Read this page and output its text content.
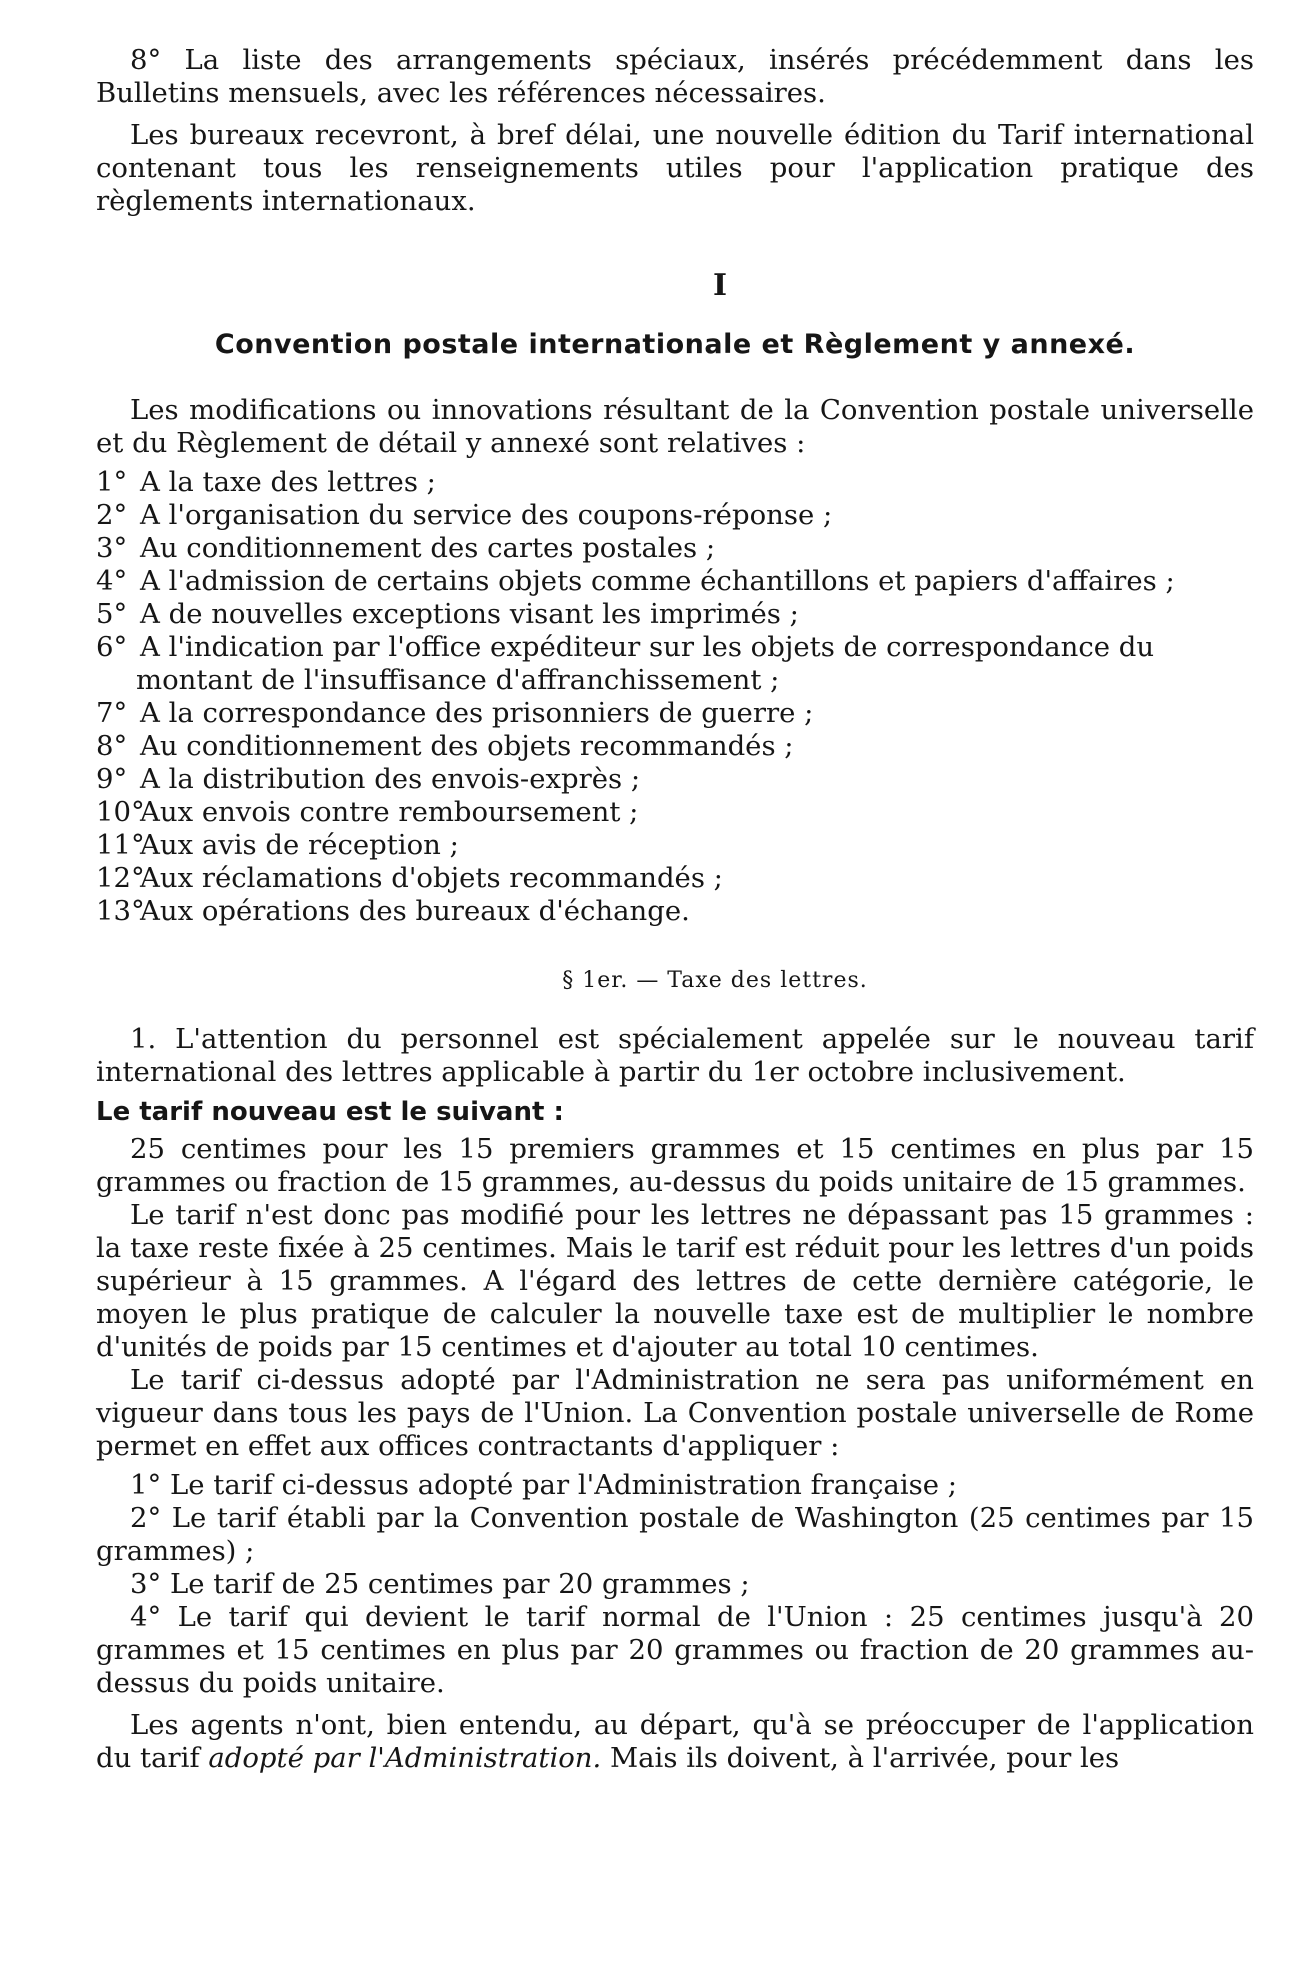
8° La liste des arrangements spéciaux, insérés précédemment dans les Bulletins mensuels, avec les références nécessaires.

Les bureaux recevront, à bref délai, une nouvelle édition du Tarif international contenant tous les renseignements utiles pour l'application pratique des règlements internationaux.

I

Convention postale internationale et Règlement y annexé.

Les modifications ou innovations résultant de la Convention postale universelle et du Règlement de détail y annexé sont relatives :

1° A la taxe des lettres ;
2° A l'organisation du service des coupons-réponse ;
3° Au conditionnement des cartes postales ;
4° A l'admission de certains objets comme échantillons et papiers d'affaires ;
5° A de nouvelles exceptions visant les imprimés ;
6° A l'indication par l'office expéditeur sur les objets de correspondance du montant de l'insuffisance d'affranchissement ;
7° A la correspondance des prisonniers de guerre ;
8° Au conditionnement des objets recommandés ;
9° A la distribution des envois-exprès ;
10°Aux envois contre remboursement ;
11°Aux avis de réception ;
12°Aux réclamations d'objets recommandés ;
13°Aux opérations des bureaux d'échange.

§ 1er. — Taxe des lettres.

1. L'attention du personnel est spécialement appelée sur le nouveau tarif international des lettres applicable à partir du 1er octobre inclusivement.

Le tarif nouveau est le suivant :

25 centimes pour les 15 premiers grammes et 15 centimes en plus par 15 grammes ou fraction de 15 grammes, au-dessus du poids unitaire de 15 grammes.

Le tarif n'est donc pas modifié pour les lettres ne dépassant pas 15 grammes : la taxe reste fixée à 25 centimes. Mais le tarif est réduit pour les lettres d'un poids supérieur à 15 grammes. A l'égard des lettres de cette dernière catégorie, le moyen le plus pratique de calculer la nouvelle taxe est de multiplier le nombre d'unités de poids par 15 centimes et d'ajouter au total 10 centimes.

Le tarif ci-dessus adopté par l'Administration ne sera pas uniformément en vigueur dans tous les pays de l'Union. La Convention postale universelle de Rome permet en effet aux offices contractants d'appliquer :

1° Le tarif ci-dessus adopté par l'Administration française ;
2° Le tarif établi par la Convention postale de Washington (25 centimes par 15 grammes) ;
3° Le tarif de 25 centimes par 20 grammes ;
4° Le tarif qui devient le tarif normal de l'Union : 25 centimes jusqu'à 20 grammes et 15 centimes en plus par 20 grammes ou fraction de 20 grammes au-dessus du poids unitaire.

Les agents n'ont, bien entendu, au départ, qu'à se préoccuper de l'application du tarif adopté par l'Administration. Mais ils doivent, à l'arrivée, pour les
